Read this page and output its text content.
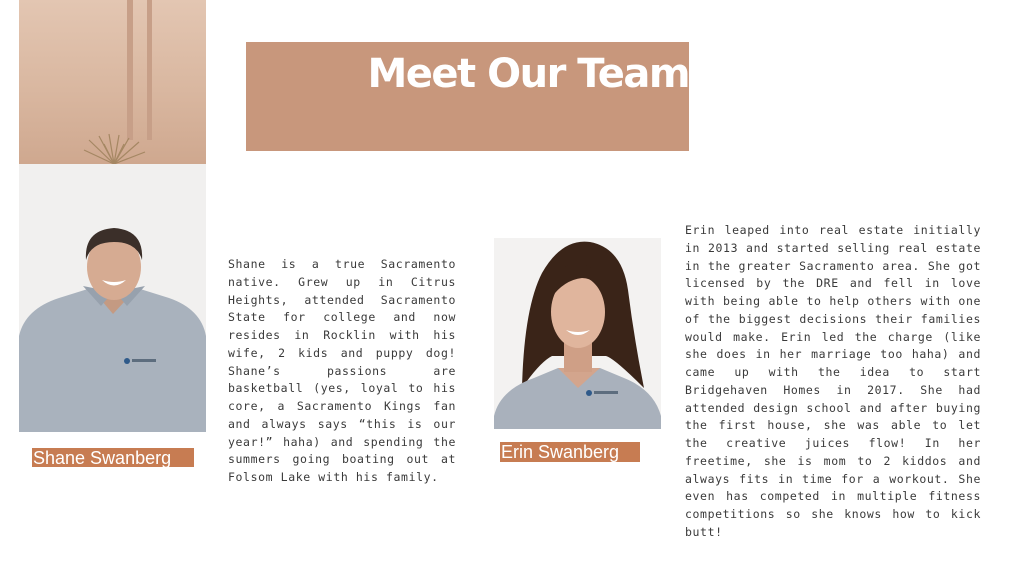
Meet Our Team

Shane is a true Sacramento native. Grew up in Citrus Heights, attended Sacramento State for college and now resides in Rocklin with his wife, 2 kids and puppy dog! Shane’s passions are basketball (yes, loyal to his core, a Sacramento Kings fan and always says “this is our year!” haha) and spending the summers going boating out at Folsom Lake with his family.

Shane Swanberg	Erin Swanberg

Erin leaped into real estate initially in 2013 and started selling real estate in the greater Sacramento area. She got licensed by the DRE and fell in love with being able to help others with one of the biggest decisions their families would make. Erin led the charge (like she does in her marriage too haha) and came up with the idea to start Bridgehaven Homes in 2017. She had attended design school and after buying the first house, she was able to let the creative juices flow! In her freetime, she is mom to 2 kiddos and always fits in time for a workout. She even has competed in multiple fitness competitions so she knows how to kick butt!
